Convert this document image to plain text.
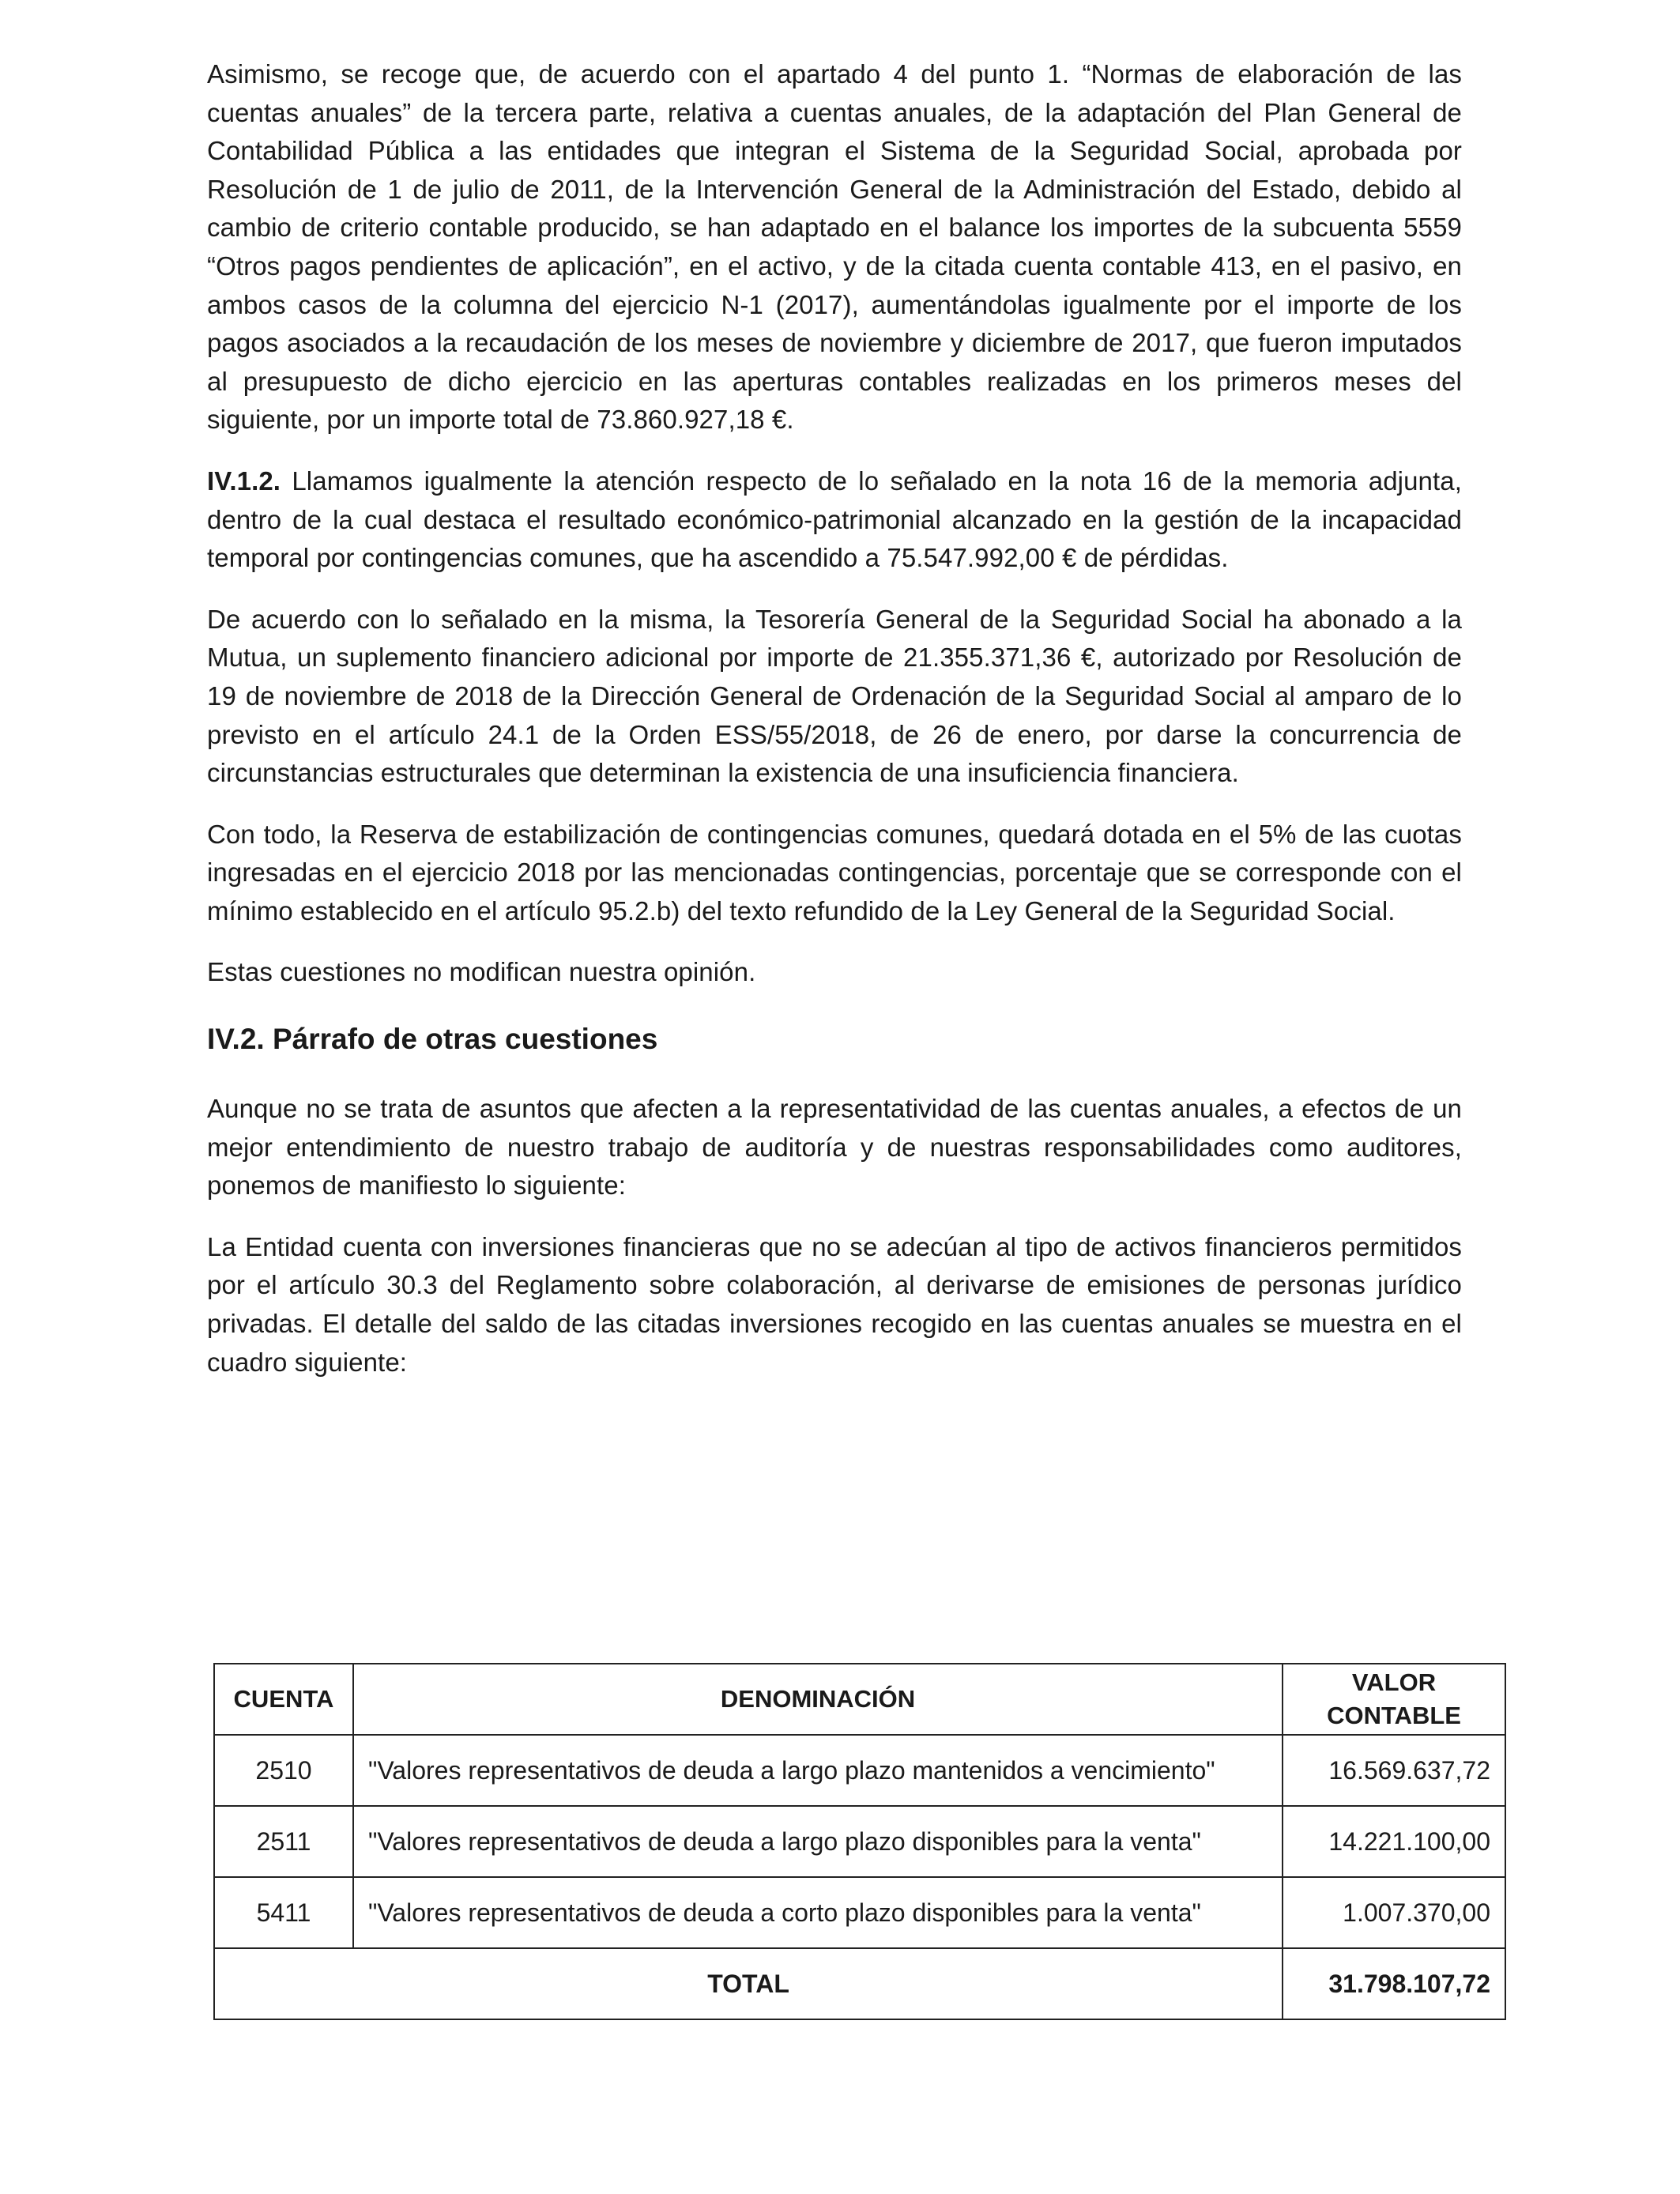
Asimismo, se recoge que, de acuerdo con el apartado 4 del punto 1. “Normas de elaboración de las cuentas anuales” de la tercera parte, relativa a cuentas anuales, de la adaptación del Plan General de Contabilidad Pública a las entidades que integran el Sistema de la Seguridad Social, aprobada por Resolución de 1 de julio de 2011, de la Intervención General de la Administración del Estado, debido al cambio de criterio contable producido, se han adaptado en el balance los importes de la subcuenta 5559 “Otros pagos pendientes de aplicación”, en el activo, y de la citada cuenta contable 413, en el pasivo, en ambos casos de la columna del ejercicio N-1 (2017), aumentándolas igualmente por el importe de los pagos asociados a la recaudación de los meses de noviembre y diciembre de 2017, que fueron imputados al presupuesto de dicho ejercicio en las aperturas contables realizadas en los primeros meses del siguiente, por un importe total de 73.860.927,18 €.

IV.1.2. Llamamos igualmente la atención respecto de lo señalado en la nota 16 de la memoria adjunta, dentro de la cual destaca el resultado económico-patrimonial alcanzado en la gestión de la incapacidad temporal por contingencias comunes, que ha ascendido a 75.547.992,00 € de pérdidas.

De acuerdo con lo señalado en la misma, la Tesorería General de la Seguridad Social ha abonado a la Mutua, un suplemento financiero adicional por importe de 21.355.371,36 €, autorizado por Resolución de 19 de noviembre de 2018 de la Dirección General de Ordenación de la Seguridad Social al amparo de lo previsto en el artículo 24.1 de la Orden ESS/55/2018, de 26 de enero, por darse la concurrencia de circunstancias estructurales que determinan la existencia de una insuficiencia financiera.

Con todo, la Reserva de estabilización de contingencias comunes, quedará dotada en el 5% de las cuotas ingresadas en el ejercicio 2018 por las mencionadas contingencias, porcentaje que se corresponde con el mínimo establecido en el artículo 95.2.b) del texto refundido de la Ley General de la Seguridad Social.

Estas cuestiones no modifican nuestra opinión.

IV.2. Párrafo de otras cuestiones

Aunque no se trata de asuntos que afecten a la representatividad de las cuentas anuales, a efectos de un mejor entendimiento de nuestro trabajo de auditoría y de nuestras responsabilidades como auditores, ponemos de manifiesto lo siguiente:

La Entidad cuenta con inversiones financieras que no se adecúan al tipo de activos financieros permitidos por el artículo 30.3 del Reglamento sobre colaboración, al derivarse de emisiones de personas jurídico privadas. El detalle del saldo de las citadas inversiones recogido en las cuentas anuales se muestra en el cuadro siguiente:

CUENTA	DENOMINACIÓN	VALOR
CONTABLE
2510	"Valores representativos de deuda a largo plazo mantenidos a vencimiento"	16.569.637,72
2511	"Valores representativos de deuda a largo plazo disponibles para la venta"	14.221.100,00
5411	"Valores representativos de deuda a corto plazo disponibles para la venta"	1.007.370,00
TOTAL		31.798.107,72
